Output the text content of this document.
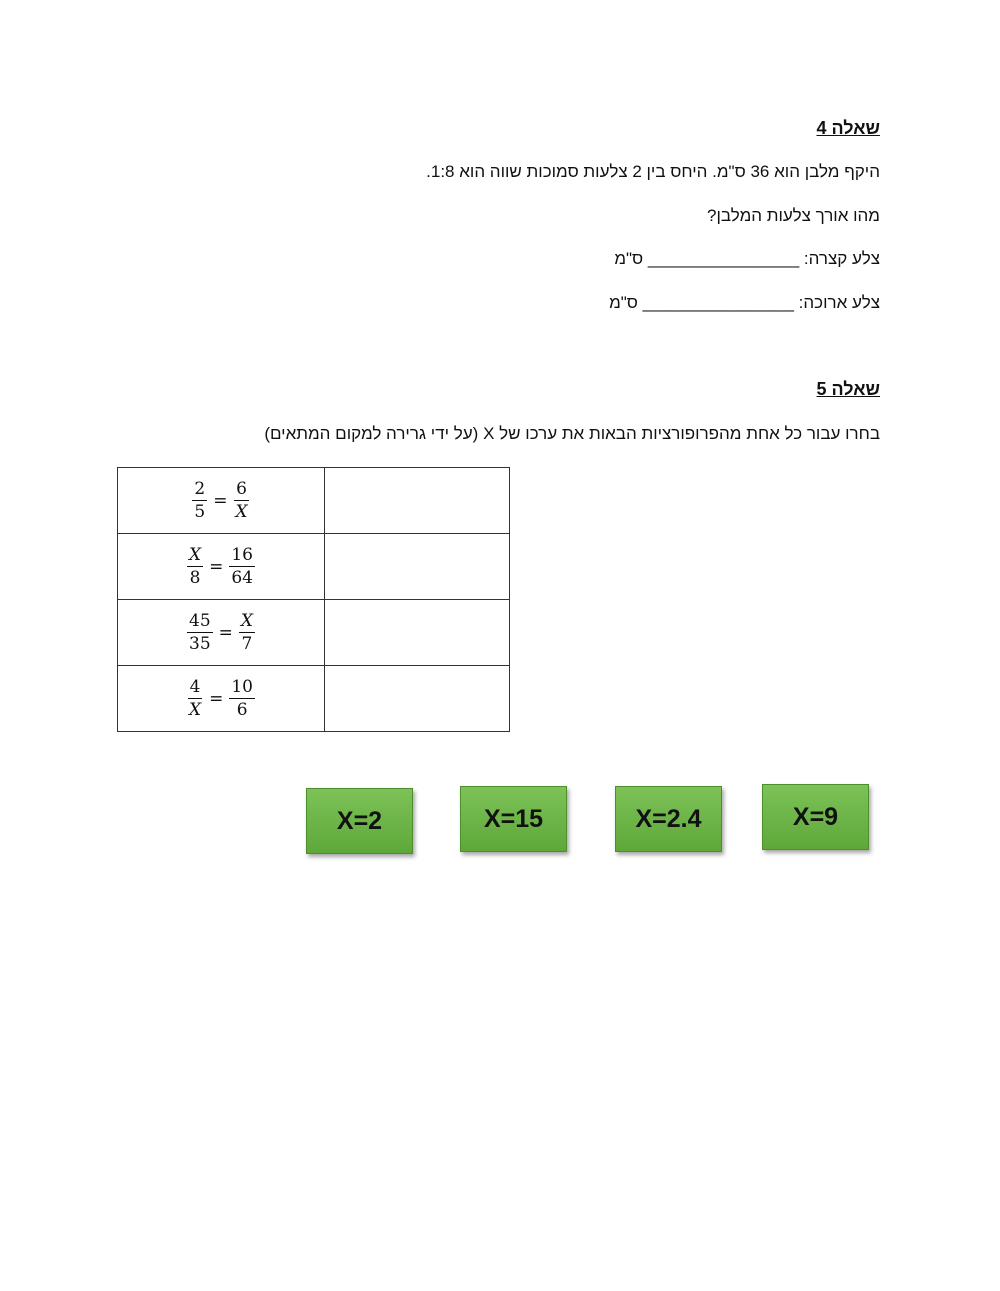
שאלה 4
היקף מלבן הוא 36 ס"מ. היחס בין 2 צלעות סמוכות שווה הוא 1:8.
מהו אורך צלעות המלבן?
צלע קצרה: ________________ ס"מ
צלע ארוכה: ________________ ס"מ
שאלה 5
בחרו עבור כל אחת מהפרופורציות הבאות את ערכו של X (על ידי גרירה למקום המתאים)
$\frac{2}{5} = \frac{6}{X}$

$\frac{X}{8} = \frac{16}{64}$

$\frac{45}{35} = \frac{X}{7}$

$\frac{4}{X} = \frac{10}{6}$

X=2	X=15	X=2.4	X=9
